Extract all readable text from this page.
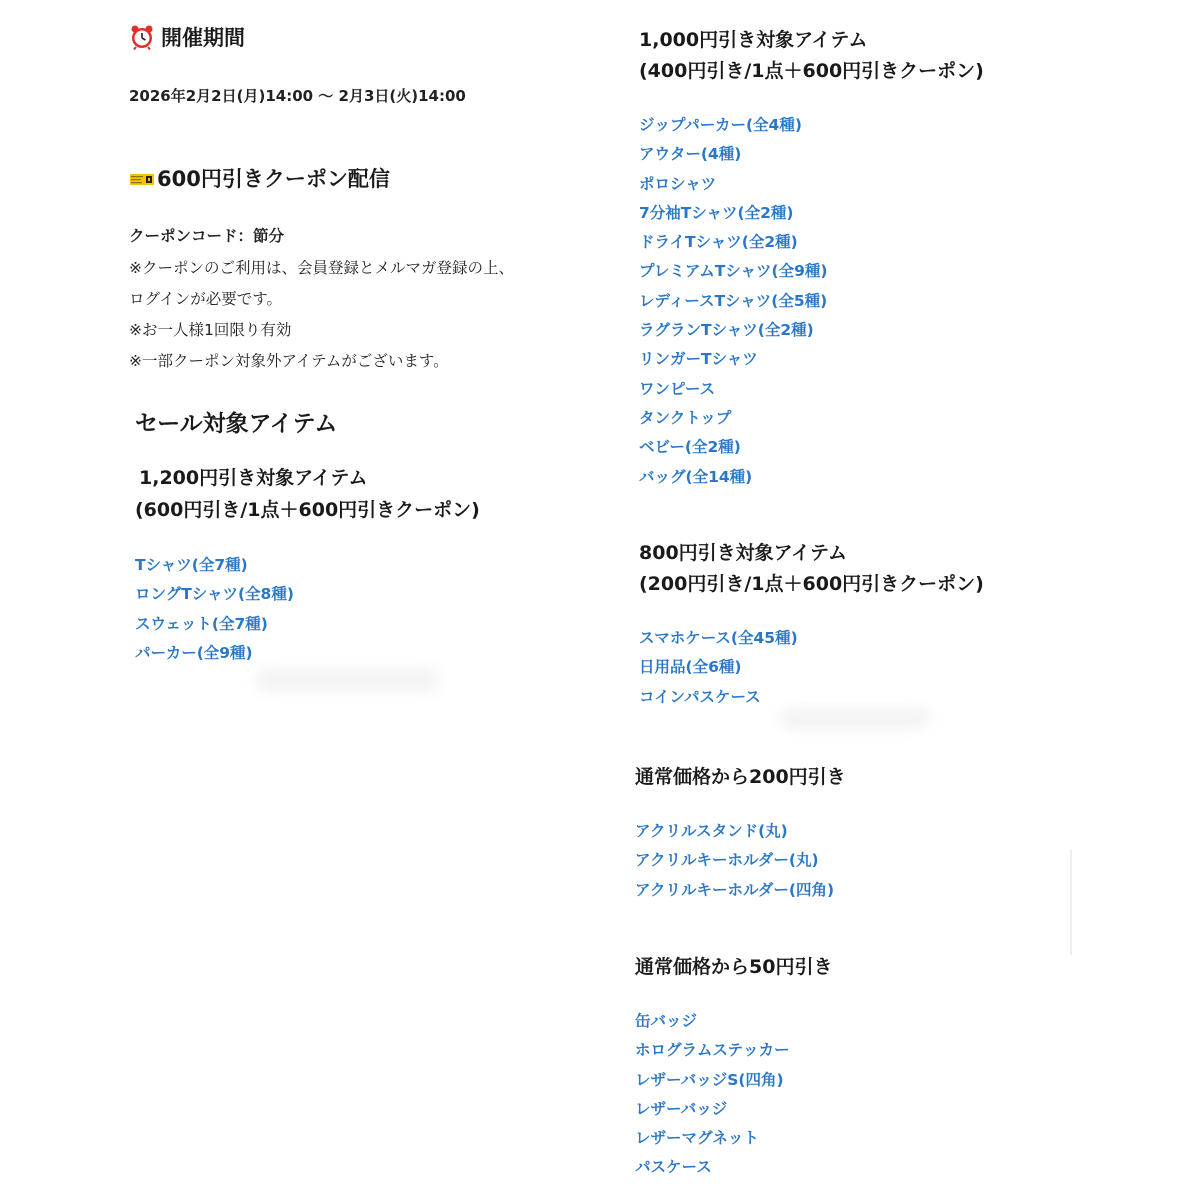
開催期間
2026年2月2日(月)14:00 〜 2月3日(火)14:00
600円引きクーポン配信
クーポンコード：節分
※クーポンのご利用は、会員登録とメルマガ登録の上、
ログインが必要です。
※お一人様1回限り有効
※一部クーポン対象外アイテムがございます。
セール対象アイテム
1,200円引き対象アイテム
(600円引き/1点＋600円引きクーポン)
Tシャツ(全7種)
ロングTシャツ(全8種)
スウェット(全7種)
パーカー(全9種)
1,000円引き対象アイテム
(400円引き/1点＋600円引きクーポン)
ジップパーカー(全4種)
アウター(4種)
ポロシャツ
7分袖Tシャツ(全2種)
ドライTシャツ(全2種)
プレミアムTシャツ(全9種)
レディースTシャツ(全5種)
ラグランTシャツ(全2種)
リンガーTシャツ
ワンピース
タンクトップ
ベビー(全2種)
バッグ(全14種)
800円引き対象アイテム
(200円引き/1点＋600円引きクーポン)
スマホケース(全45種)
日用品(全6種)
コインパスケース
通常価格から200円引き
アクリルスタンド(丸)
アクリルキーホルダー(丸)
アクリルキーホルダー(四角)
通常価格から50円引き
缶バッジ
ホログラムステッカー
レザーバッジS(四角)
レザーバッジ
レザーマグネット
パスケース
